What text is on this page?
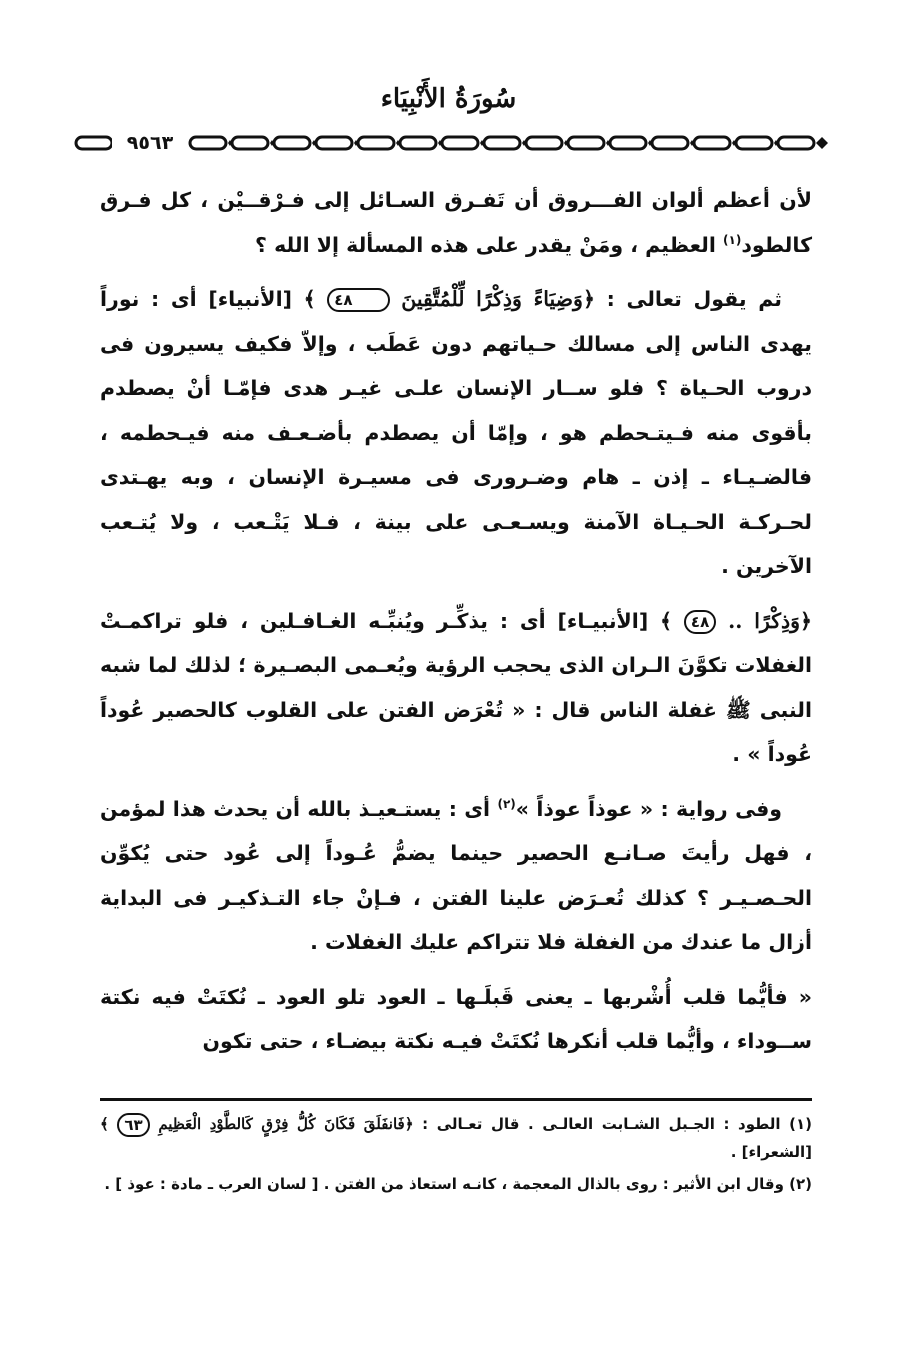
سُورَةُ الأَنْبِيَاء
٩٥٦٣

لأن أعظم ألوان الفـــروق أن تَفـرق السـائل إلى فـرْقــيْن ، كل فـرق كالطود$^{(١)}$ العظيم ، ومَنْ يقدر على هذه المسألة إلا الله ؟

ثم يقول تعالى : ﴿وَضِيَاءً وَذِكْرًا لِّلْمُتَّقِينَ ٤٨ ﴾ [الأنبياء] أى : نوراً يهدى الناس إلى مسالك حـياتهم دون عَطَب ، وإلاّ فكيف يسيرون فى دروب الحـياة ؟ فلو ســار الإنسان علـى غيـر هدى فإمّـا أنْ يصطدم بأقوى منه فـيتـحطم هو ، وإمّا أن يصطدم بأضـعـف منه فيـحطمه ، فالضـيـاء ـ إذن ـ هام وضـرورى فى مسيـرة الإنسان ، وبه يهـتدى لحـركـة الحـيـاة الآمنة ويسـعـى على بينة ، فـلا يَتْـعب ، ولا يُتـعب الآخرين .

﴿وَذِكْرًا .. ٤٨ ﴾ [الأنبيـاء] أى : يذكِّـر ويُنبِّـه الغـافـلين ، فلو تراكمـتْ الغفلات تكوَّنَ الـران الذى يحجب الرؤية ويُعـمى البصـيرة ؛ لذلك لما شبه النبى ﷺ غفلة الناس قال : « تُعْرَض الفتن على القلوب كالحصير عُوداً عُوداً » .

وفى رواية : « عوذاً عوذاً »$^{(٢)}$ أى : يستـعيـذ بالله أن يحدث هذا لمؤمن ، فهل رأيتَ صـانـع الحصير حينما يضمُّ عُـوداً إلى عُود حتى يُكوِّن الحـصـيـر ؟ كذلك تُعـرَض علينا الفتن ، فـإنْ جاء التـذكيـر فى البداية أزال ما عندك من الغفلة فلا تتراكم عليك الغفلات .

« فأيُّما قلب أُشْربها ـ يعنى قَبلَـها ـ العود تلو العود ـ نُكتَتْ فيه نكتة ســوداء ، وأيُّما قلب أنكرها نُكتَتْ فيـه نكتة بيضـاء ، حتى تكون

(١) الطود : الجـبل الشـابت العالـى . قال تعـالى : ﴿فَانفَلَقَ فَكَانَ كُلُّ فِرْقٍ كَالطَّوْدِ الْعَظِيمِ ٦٣ ﴾ [الشعراء] .

(٢) وقال ابن الأثير : روى بالذال المعجمة ، كانـه استعاذ من الفتن . [ لسان العرب ـ مادة : عوذ ] .
